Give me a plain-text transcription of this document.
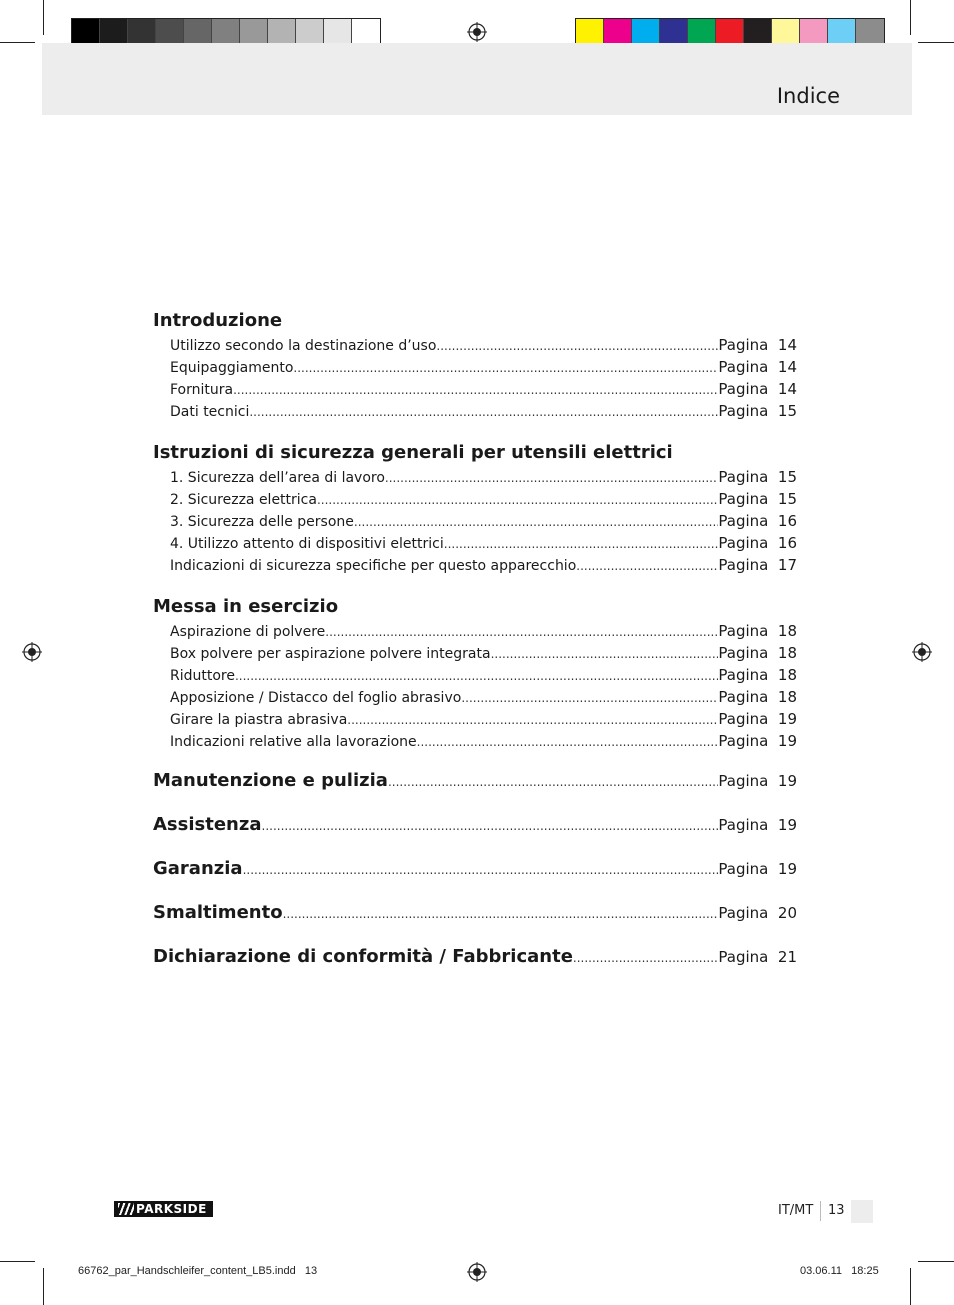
Indice
Introduzione
Utilizzo secondo la destinazione d’uso .....	Pagina  14
Equipaggiamento .....	Pagina  14
Fornitura .....	Pagina  14
Dati tecnici .....	Pagina  15
Istruzioni di sicurezza generali per utensili elettrici
1. Sicurezza dell’area di lavoro .....	Pagina  15
2. Sicurezza elettrica .....	Pagina  15
3. Sicurezza delle persone .....	Pagina  16
4. Utilizzo attento di dispositivi elettrici .....	Pagina  16
Indicazioni di sicurezza specifiche per questo apparecchio .....	Pagina  17
Messa in esercizio
Aspirazione di polvere .....	Pagina  18
Box polvere per aspirazione polvere integrata .....	Pagina  18
Riduttore .....	Pagina  18
Apposizione / Distacco del foglio abrasivo .....	Pagina  18
Girare la piastra abrasiva .....	Pagina  19
Indicazioni relative alla lavorazione .....	Pagina  19
Manutenzione e pulizia .....	Pagina  19
Assistenza .....	Pagina  19
Garanzia .....	Pagina  19
Smaltimento .....	Pagina  20
Dichiarazione di conformità / Fabbricante .....	Pagina  21
PARKSIDE	IT/MT 13
66762_par_Handschleifer_content_LB5.indd   13	03.06.11   18:25
